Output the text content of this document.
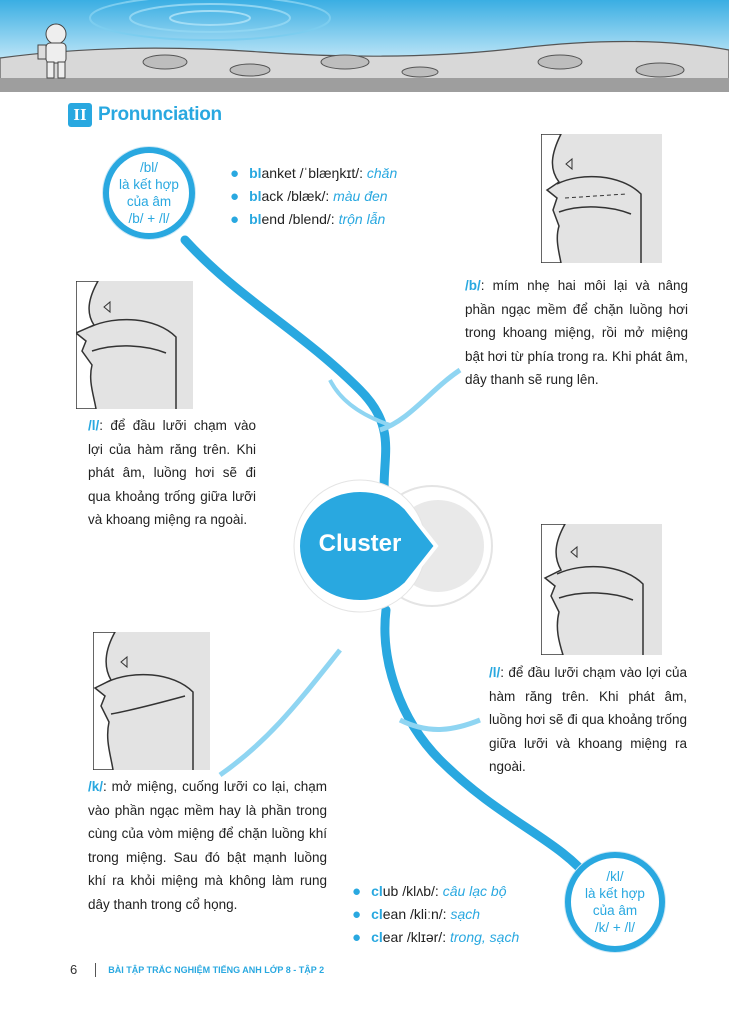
II Pronunciation
Cluster
/bl/
là kết hợp
của âm
/b/ + /l/
● blanket /ˈblæŋkɪt/: chăn
● black /blæk/: màu đen
● blend /blend/: trộn lẫn
/b/: mím nhẹ hai môi lại và nâng phần ngạc mềm để chặn luồng hơi trong khoang miệng, rồi mở miệng bật hơi từ phía trong ra. Khi phát âm, dây thanh sẽ rung lên.
/l/: để đầu lưỡi chạm vào lợi của hàm răng trên. Khi phát âm, luồng hơi sẽ đi qua khoảng trống giữa lưỡi và khoang miệng ra ngoài.
/l/: để đầu lưỡi chạm vào lợi của hàm răng trên. Khi phát âm, luồng hơi sẽ đi qua khoảng trống giữa lưỡi và khoang miệng ra ngoài.
/k/: mở miệng, cuống lưỡi co lại, chạm vào phần ngạc mềm hay là phần trong cùng của vòm miệng để chặn luồng khí trong miệng. Sau đó bật mạnh luồng khí ra khỏi miệng mà không làm rung dây thanh trong cổ họng.
● club /klʌb/: câu lạc bộ
● clean /kliːn/: sạch
● clear /klɪər/: trong, sạch
/kl/
là kết hợp
của âm
/k/ + /l/
6	BÀI TẬP TRẮC NGHIỆM TIẾNG ANH LỚP 8 - TẬP 2
